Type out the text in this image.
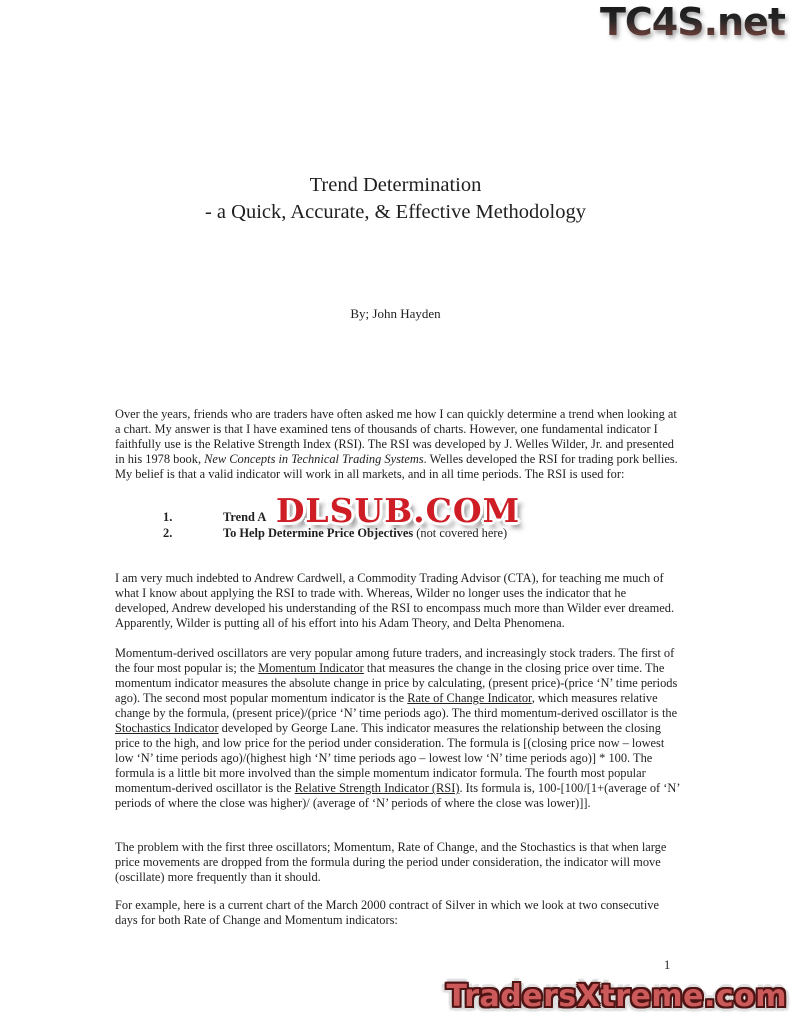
TC4S.net
Trend Determination
- a Quick, Accurate, & Effective Methodology
By; John Hayden
Over the years, friends who are traders have often asked me how I can quickly determine a trend when looking at a chart. My answer is that I have examined tens of thousands of charts. However, one fundamental indicator I faithfully use is the Relative Strength Index (RSI). The RSI was developed by J. Welles Wilder, Jr. and presented in his 1978 book, New Concepts in Technical Trading Systems. Welles developed the RSI for trading pork bellies. My belief is that a valid indicator will work in all markets, and in all time periods. The RSI is used for:
1.	Trend A
2.	To Help Determine Price Objectives (not covered here)
DLSUB.COM
I am very much indebted to Andrew Cardwell, a Commodity Trading Advisor (CTA), for teaching me much of what I know about applying the RSI to trade with. Whereas, Wilder no longer uses the indicator that he developed, Andrew developed his understanding of the RSI to encompass much more than Wilder ever dreamed. Apparently, Wilder is putting all of his effort into his Adam Theory, and Delta Phenomena.
Momentum-derived oscillators are very popular among future traders, and increasingly stock traders. The first of the four most popular is; the Momentum Indicator that measures the change in the closing price over time. The momentum indicator measures the absolute change in price by calculating, (present price)-(price ‘N’ time periods ago). The second most popular momentum indicator is the Rate of Change Indicator, which measures relative change by the formula, (present price)/(price ‘N’ time periods ago). The third momentum-derived oscillator is the Stochastics Indicator developed by George Lane. This indicator measures the relationship between the closing price to the high, and low price for the period under consideration. The formula is [(closing price now – lowest low ‘N’ time periods ago)/(highest high ‘N’ time periods ago – lowest low ‘N’ time periods ago)] * 100. The formula is a little bit more involved than the simple momentum indicator formula. The fourth most popular momentum-derived oscillator is the Relative Strength Indicator (RSI). Its formula is, 100-[100/[1+(average of ‘N’ periods of where the close was higher)/ (average of ‘N’ periods of where the close was lower)]].
The problem with the first three oscillators; Momentum, Rate of Change, and the Stochastics is that when large price movements are dropped from the formula during the period under consideration, the indicator will move (oscillate) more frequently than it should.
For example, here is a current chart of the March 2000 contract of Silver in which we look at two consecutive days for both Rate of Change and Momentum indicators:
1
TradersXtreme.com
